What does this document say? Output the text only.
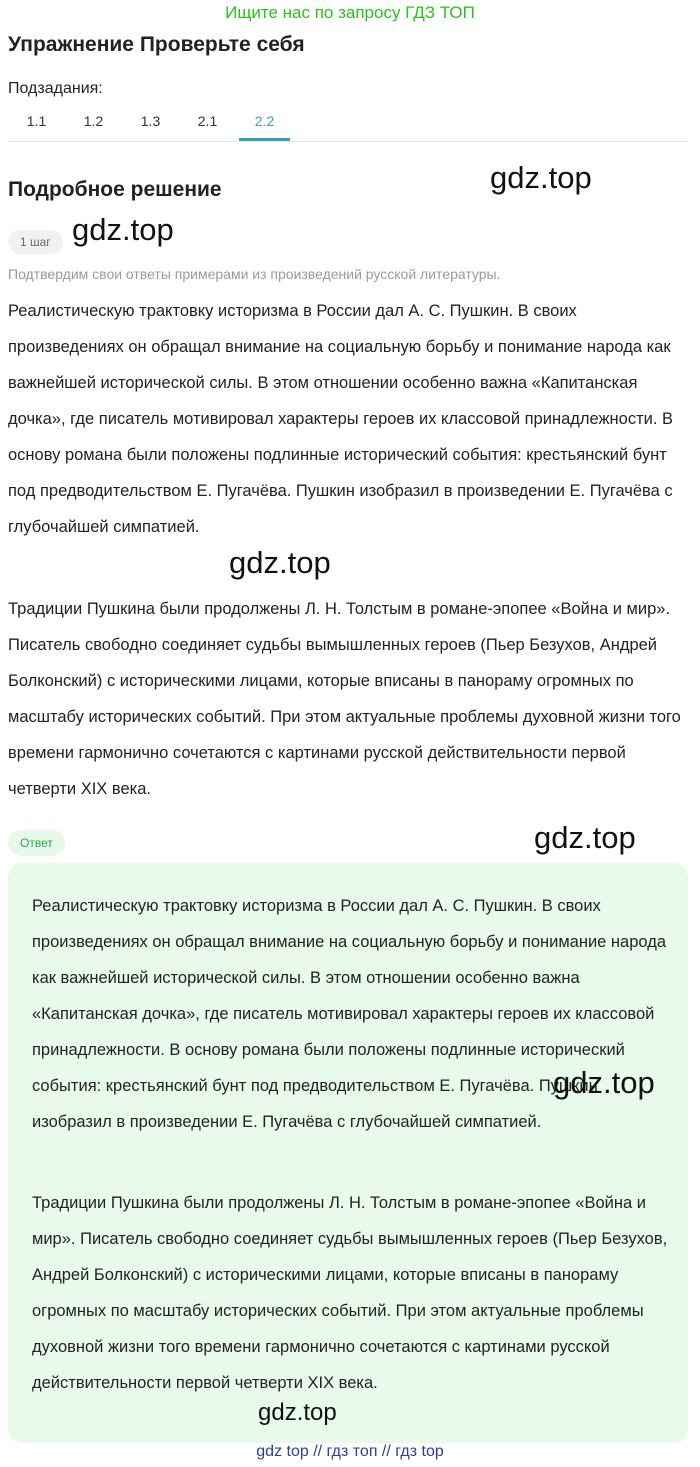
Ищите нас по запросу ГДЗ ТОП
Упражнение Проверьте себя
Подзадания:
1.1	1.2	1.3	2.1	2.2
Подробное решение	gdz.top
gdz.top
1 шаг
Подтвердим свои ответы примерами из произведений русской литературы.

Реалистическую трактовку историзма в России дал А. С. Пушкин. В своих произведениях он обращал внимание на социальную борьбу и понимание народа как важнейшей исторической силы. В этом отношении особенно важна «Капитанская дочка», где писатель мотивировал характеры героев их классовой принадлежности. В основу романа были положены подлинные исторический события: крестьянский бунт под предводительством Е. Пугачёва. Пушкин изобразил в произведении Е. Пугачёва с глубочайшей симпатией.

gdz.top

Традиции Пушкина были продолжены Л. Н. Толстым в романе-эпопее «Война и мир». Писатель свободно соединяет судьбы вымышленных героев (Пьер Безухов, Андрей Болконский) с историческими лицами, которые вписаны в панораму огромных по масштабу исторических событий. При этом актуальные проблемы духовной жизни того времени гармонично сочетаются с картинами русской действительности первой четверти XIX века.

Ответ	gdz.top

Реалистическую трактовку историзма в России дал А. С. Пушкин. В своих произведениях он обращал внимание на социальную борьбу и понимание народа как важнейшей исторической силы. В этом отношении особенно важна «Капитанская дочка», где писатель мотивировал характеры героев их классовой принадлежности. В основу романа были положены подлинные исторический события: крестьянский бунт под предводительством Е. Пугачёва. Пушкин изобразил в произведении Е. Пугачёва с глубочайшей симпатией.

gdz.top

Традиции Пушкина были продолжены Л. Н. Толстым в романе-эпопее «Война и мир». Писатель свободно соединяет судьбы вымышленных героев (Пьер Безухов, Андрей Болконский) с историческими лицами, которые вписаны в панораму огромных по масштабу исторических событий. При этом актуальные проблемы духовной жизни того времени гармонично сочетаются с картинами русской действительности первой четверти XIX века.

gdz.top
gdz top // гдз топ // гдз top
